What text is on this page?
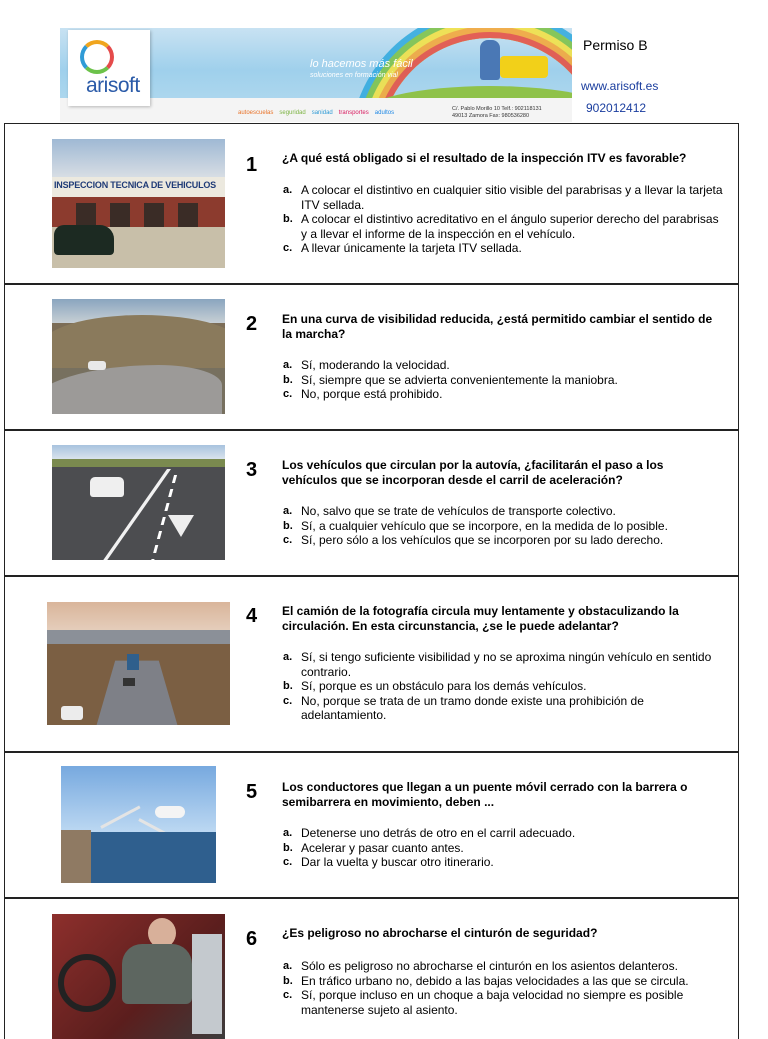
lo hacemos más fácil
soluciones en formación vial
autoescuelas seguridad sanidad transportes adultos
C/. Pablo Morillo 10 Telf.: 902118131
49013 Zamora Fax: 980536280
arisoft
Permiso B
www.arisoft.es
902012412
INSPECCION TECNICA DE VEHICULOS
1 ¿A qué está obligado si el resultado de la inspección ITV es favorable?
a. A colocar el distintivo en cualquier sitio visible del parabrisas y a llevar la tarjeta ITV sellada.
b. A colocar el distintivo acreditativo en el ángulo superior derecho del parabrisas y a llevar el informe de la inspección en el vehículo.
c. A llevar únicamente la tarjeta ITV sellada.
2 En una curva de visibilidad reducida, ¿está permitido cambiar el sentido de la marcha?
a. Sí, moderando la velocidad.
b. Sí, siempre que se advierta convenientemente la maniobra.
c. No, porque está prohibido.
3 Los vehículos que circulan por la autovía, ¿facilitarán el paso a los vehículos que se incorporan desde el carril de aceleración?
a. No, salvo que se trate de vehículos de transporte colectivo.
b. Sí, a cualquier vehículo que se incorpore, en la medida de lo posible.
c. Sí, pero sólo a los vehículos que se incorporen por su lado derecho.
4 El camión de la fotografía circula muy lentamente y obstaculizando la circulación. En esta circunstancia, ¿se le puede adelantar?
a. Sí, si tengo suficiente visibilidad y no se aproxima ningún vehículo en sentido contrario.
b. Sí, porque es un obstáculo para los demás vehículos.
c. No, porque se trata de un tramo donde existe una prohibición de adelantamiento.
5 Los conductores que llegan a un puente móvil cerrado con la barrera o semibarrera en movimiento, deben ...
a. Detenerse uno detrás de otro en el carril adecuado.
b. Acelerar y pasar cuanto antes.
c. Dar la vuelta y buscar otro itinerario.
6 ¿Es peligroso no abrocharse el cinturón de seguridad?
a. Sólo es peligroso no abrocharse el cinturón en los asientos delanteros.
b. En tráfico urbano no, debido a las bajas velocidades a las que se circula.
c. Sí, porque incluso en un choque a baja velocidad no siempre es posible mantenerse sujeto al asiento.
